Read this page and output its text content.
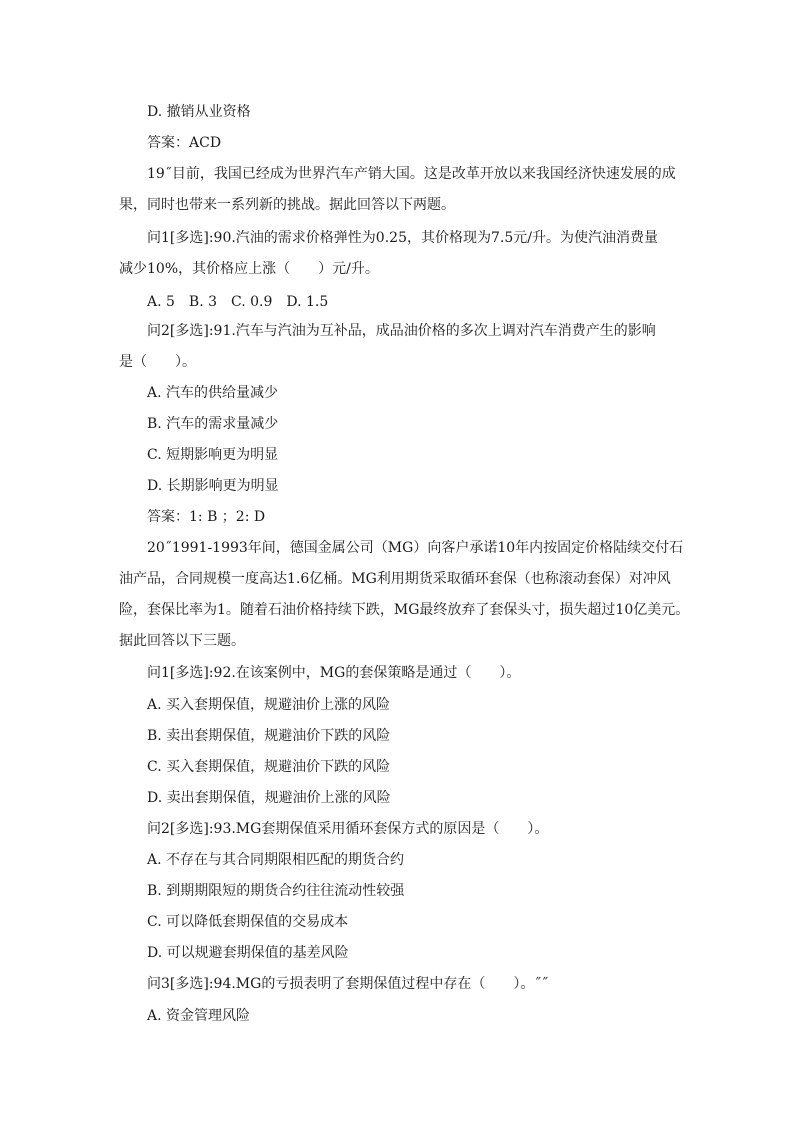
D. 撤销从业资格
答案：ACD
19˝目前，我国已经成为世界汽车产销大国。这是改革开放以来我国经济快速发展的成
果，同时也带来一系列新的挑战。据此回答以下两题。
问1[多选]:90.汽油的需求价格弹性为0.25，其价格现为7.5元/升。为使汽油消费量
减少10%，其价格应上涨（　　）元/升。
A. 5　B. 3　C. 0.9　D. 1.5
问2[多选]:91.汽车与汽油为互补品，成品油价格的多次上调对汽车消费产生的影响
是（　　）。
A. 汽车的供给量减少
B. 汽车的需求量减少
C. 短期影响更为明显
D. 长期影响更为明显
答案：1: B ；2: D
20˝1991-1993年间，德国金属公司（MG）向客户承诺10年内按固定价格陆续交付石
油产品，合同规模一度高达1.6亿桶。MG利用期货采取循环套保（也称滚动套保）对冲风
险，套保比率为1。随着石油价格持续下跌，MG最终放弃了套保头寸，损失超过10亿美元。
据此回答以下三题。
问1[多选]:92.在该案例中，MG的套保策略是通过（　　）。
A. 买入套期保值，规避油价上涨的风险
B. 卖出套期保值，规避油价下跌的风险
C. 买入套期保值，规避油价下跌的风险
D. 卖出套期保值，规避油价上涨的风险
问2[多选]:93.MG套期保值采用循环套保方式的原因是（　　）。
A. 不存在与其合同期限相匹配的期货合约
B. 到期期限短的期货合约往往流动性较强
C. 可以降低套期保值的交易成本
D. 可以规避套期保值的基差风险
问3[多选]:94.MG的亏损表明了套期保值过程中存在（　　）。˝˝
A. 资金管理风险
